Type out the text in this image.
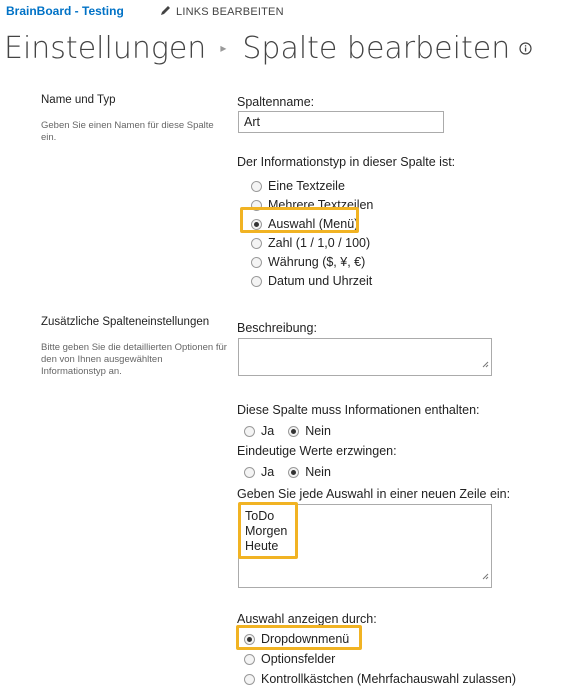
BrainBoard - Testing	LINKS BEARBEITEN
Einstellungen ▸ Spalte bearbeiten
Name und Typ
Geben Sie einen Namen für diese Spalte ein.
Spaltenname:
Art
Der Informationstyp in dieser Spalte ist:
Eine Textzeile
Mehrere Textzeilen
Auswahl (Menü)
Zahl (1 / 1,0 / 100)
Währung ($, ¥, €)
Datum und Uhrzeit
Zusätzliche Spalteneinstellungen
Bitte geben Sie die detaillierten Optionen für den von Ihnen ausgewählten Informationstyp an.
Beschreibung:
Diese Spalte muss Informationen enthalten:
Ja Nein
Eindeutige Werte erzwingen:
Ja Nein
Geben Sie jede Auswahl in einer neuen Zeile ein:
ToDo
Morgen
Heute
Auswahl anzeigen durch:
Dropdownmenü
Optionsfelder
Kontrollkästchen (Mehrfachauswahl zulassen)
